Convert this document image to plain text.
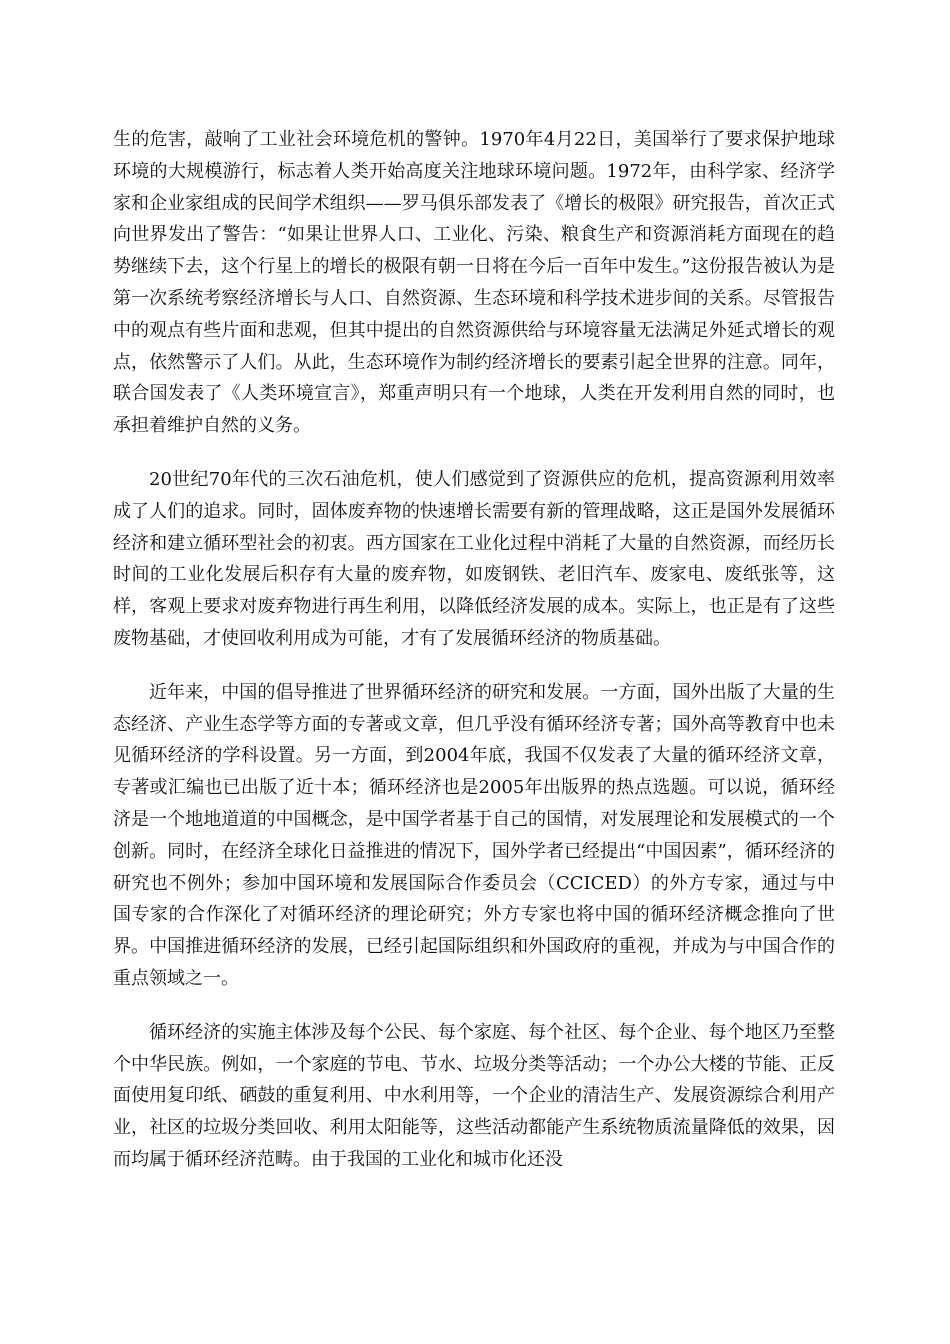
生的危害，敲响了工业社会环境危机的警钟。1970年4月22日，美国举行了要求保护地球环境的大规模游行，标志着人类开始高度关注地球环境问题。1972年，由科学家、经济学家和企业家组成的民间学术组织——罗马俱乐部发表了《增长的极限》研究报告，首次正式向世界发出了警告：“如果让世界人口、工业化、污染、粮食生产和资源消耗方面现在的趋势继续下去，这个行星上的增长的极限有朝一日将在今后一百年中发生。”这份报告被认为是第一次系统考察经济增长与人口、自然资源、生态环境和科学技术进步间的关系。尽管报告中的观点有些片面和悲观，但其中提出的自然资源供给与环境容量无法满足外延式增长的观点，依然警示了人们。从此，生态环境作为制约经济增长的要素引起全世界的注意。同年，联合国发表了《人类环境宣言》，郑重声明只有一个地球，人类在开发利用自然的同时，也承担着维护自然的义务。

20世纪70年代的三次石油危机，使人们感觉到了资源供应的危机，提高资源利用效率成了人们的追求。同时，固体废弃物的快速增长需要有新的管理战略，这正是国外发展循环经济和建立循环型社会的初衷。西方国家在工业化过程中消耗了大量的自然资源，而经历长时间的工业化发展后积存有大量的废弃物，如废钢铁、老旧汽车、废家电、废纸张等，这样，客观上要求对废弃物进行再生利用，以降低经济发展的成本。实际上，也正是有了这些废物基础，才使回收利用成为可能，才有了发展循环经济的物质基础。

近年来，中国的倡导推进了世界循环经济的研究和发展。一方面，国外出版了大量的生态经济、产业生态学等方面的专著或文章，但几乎没有循环经济专著；国外高等教育中也未见循环经济的学科设置。另一方面，到2004年底，我国不仅发表了大量的循环经济文章，专著或汇编也已出版了近十本；循环经济也是2005年出版界的热点选题。可以说，循环经济是一个地地道道的中国概念，是中国学者基于自己的国情，对发展理论和发展模式的一个创新。同时，在经济全球化日益推进的情况下，国外学者已经提出“中国因素”，循环经济的研究也不例外；参加中国环境和发展国际合作委员会（CCICED）的外方专家，通过与中国专家的合作深化了对循环经济的理论研究；外方专家也将中国的循环经济概念推向了世界。中国推进循环经济的发展，已经引起国际组织和外国政府的重视，并成为与中国合作的重点领域之一。

循环经济的实施主体涉及每个公民、每个家庭、每个社区、每个企业、每个地区乃至整个中华民族。例如，一个家庭的节电、节水、垃圾分类等活动；一个办公大楼的节能、正反面使用复印纸、硒鼓的重复利用、中水利用等，一个企业的清洁生产、发展资源综合利用产业，社区的垃圾分类回收、利用太阳能等，这些活动都能产生系统物质流量降低的效果，因而均属于循环经济范畴。由于我国的工业化和城市化还没
